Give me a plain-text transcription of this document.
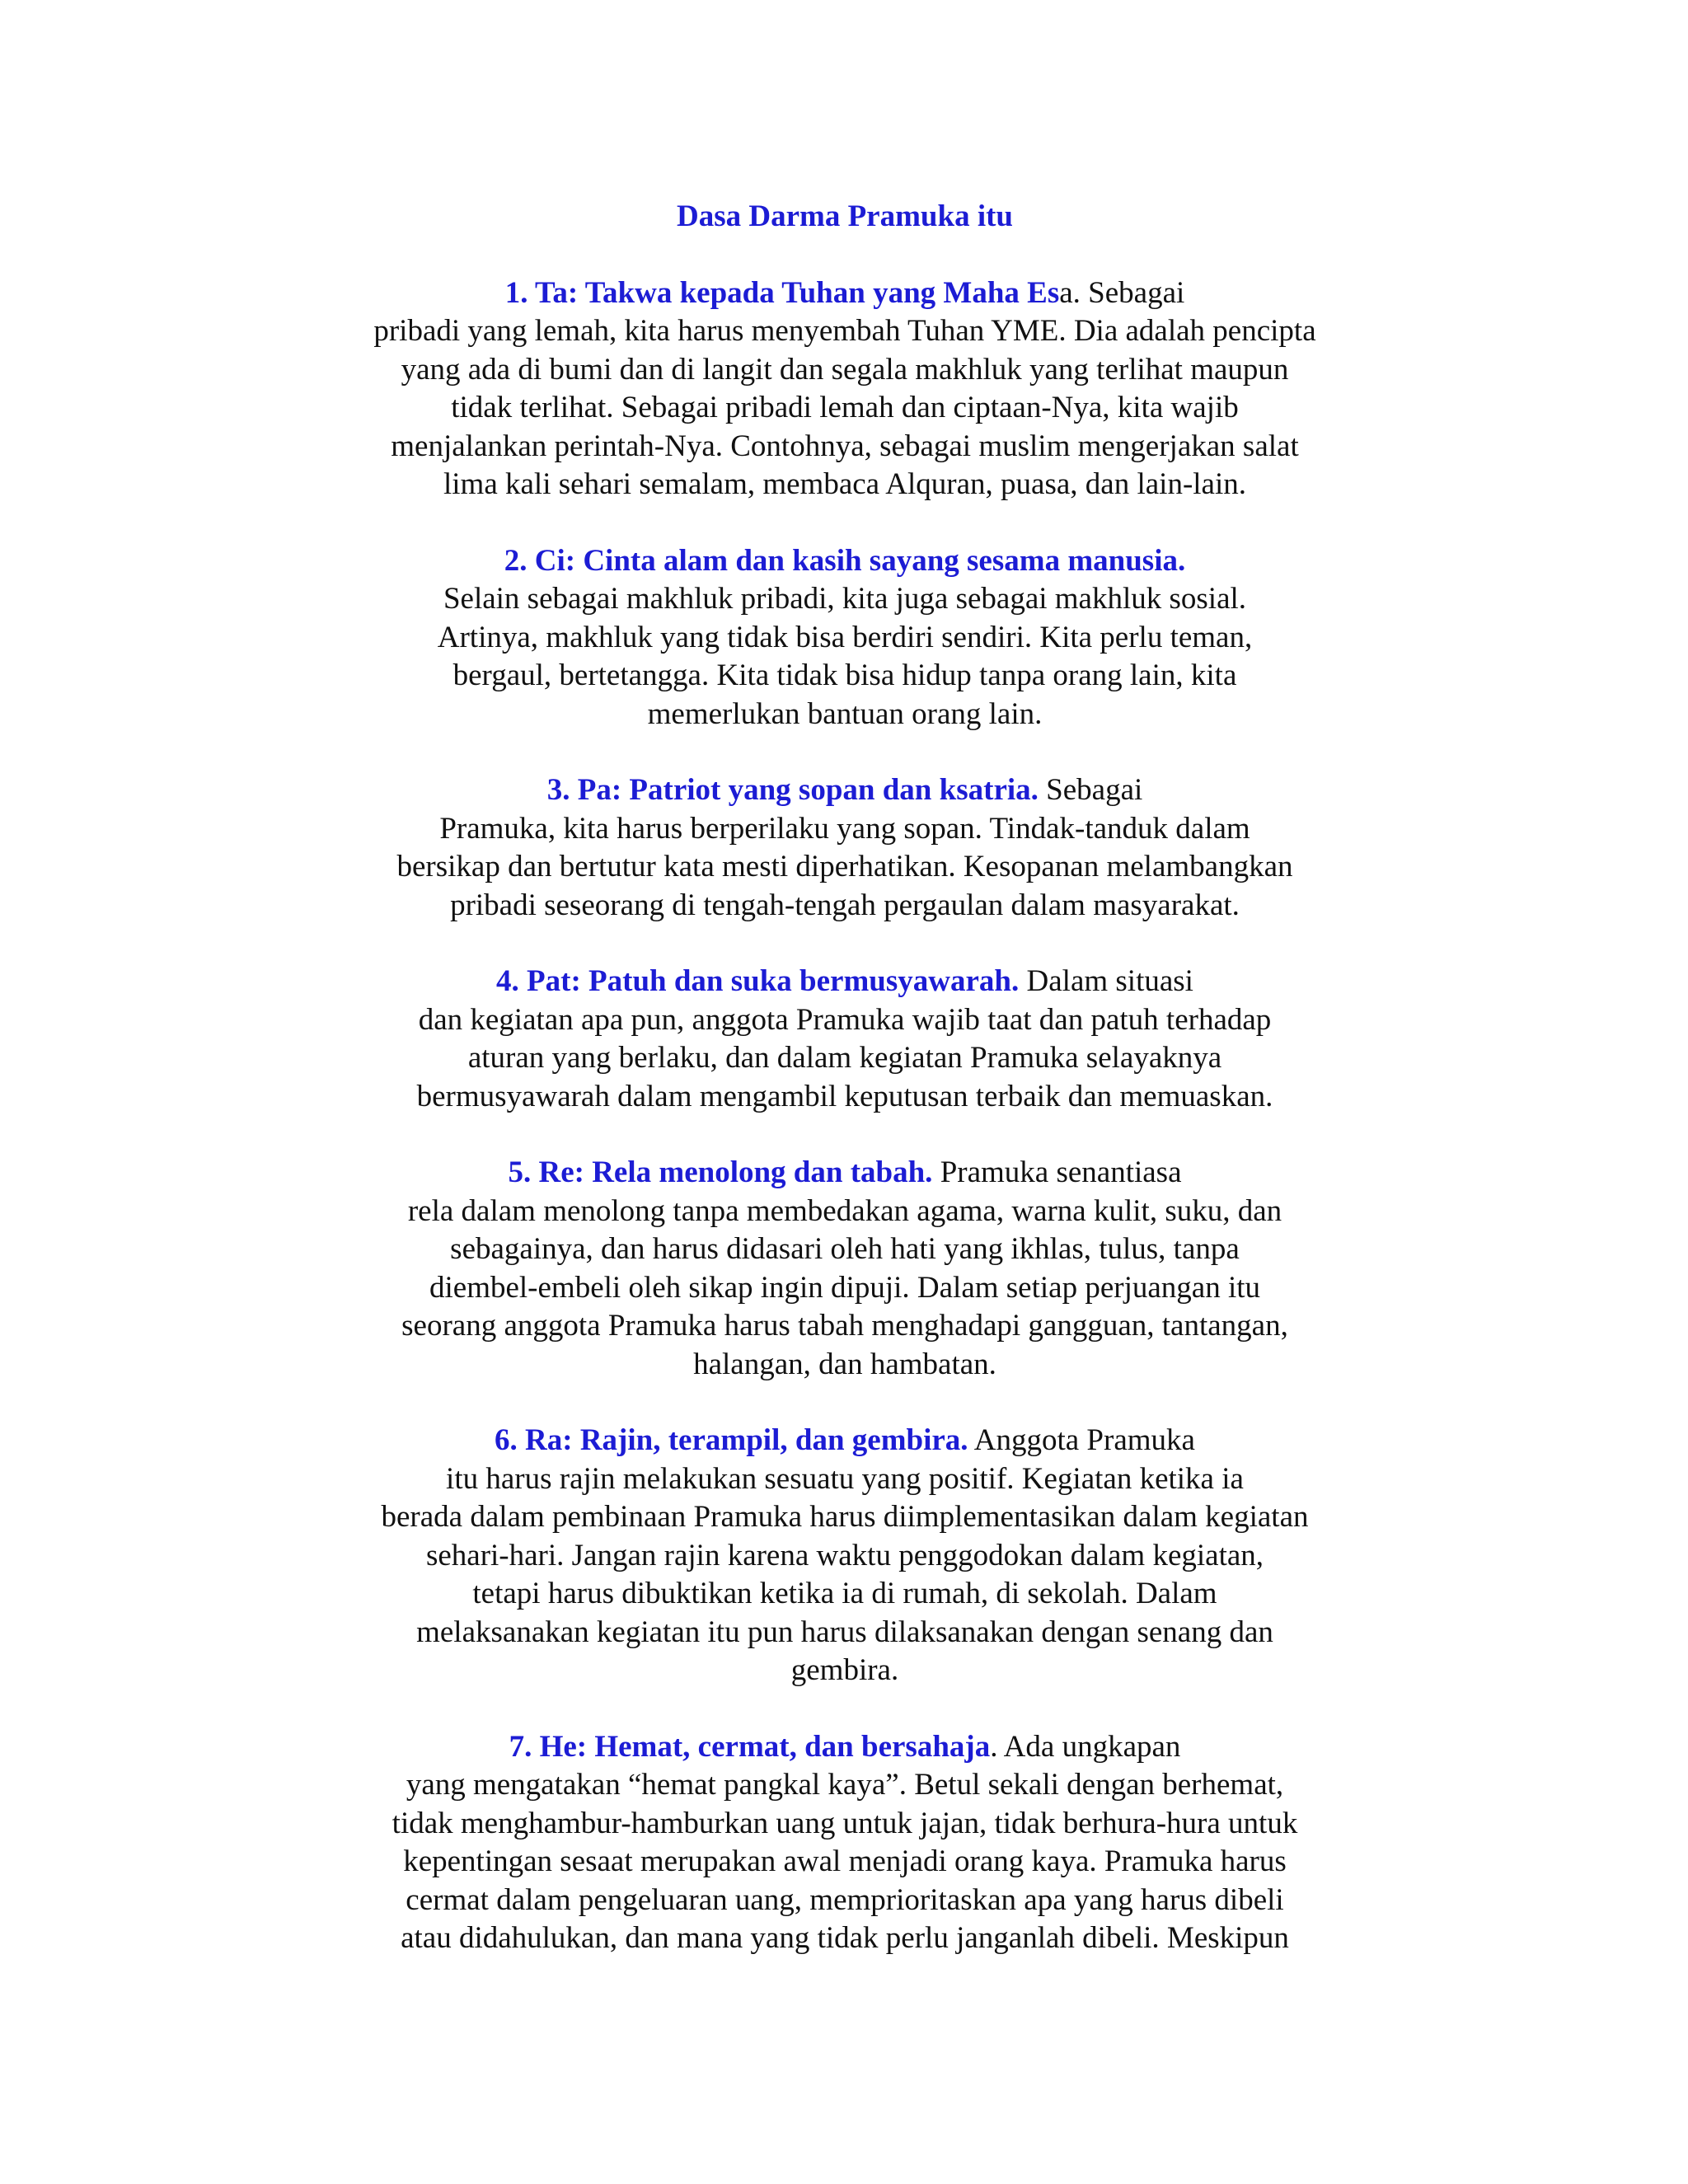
Dasa Darma Pramuka itu
1. Ta: Takwa kepada Tuhan yang Maha Esa. Sebagai
pribadi yang lemah, kita harus menyembah Tuhan YME. Dia adalah pencipta
yang ada di bumi dan di langit dan segala makhluk yang terlihat maupun
tidak terlihat. Sebagai pribadi lemah dan ciptaan-Nya, kita wajib
menjalankan perintah-Nya. Contohnya, sebagai muslim mengerjakan salat
lima kali sehari semalam, membaca Alquran, puasa, dan lain-lain.
2. Ci: Cinta alam dan kasih sayang sesama manusia.
Selain sebagai makhluk pribadi, kita juga sebagai makhluk sosial.
Artinya, makhluk yang tidak bisa berdiri sendiri. Kita perlu teman,
bergaul, bertetangga. Kita tidak bisa hidup tanpa orang lain, kita
memerlukan bantuan orang lain.
3. Pa: Patriot yang sopan dan ksatria. Sebagai
Pramuka, kita harus berperilaku yang sopan. Tindak-tanduk dalam
bersikap dan bertutur kata mesti diperhatikan. Kesopanan melambangkan
pribadi seseorang di tengah-tengah pergaulan dalam masyarakat.
4. Pat: Patuh dan suka bermusyawarah. Dalam situasi
dan kegiatan apa pun, anggota Pramuka wajib taat dan patuh terhadap
aturan yang berlaku, dan dalam kegiatan Pramuka selayaknya
bermusyawarah dalam mengambil keputusan terbaik dan memuaskan.
5. Re: Rela menolong dan tabah. Pramuka senantiasa
rela dalam menolong tanpa membedakan agama, warna kulit, suku, dan
sebagainya, dan harus didasari oleh hati yang ikhlas, tulus, tanpa
diembel-embeli oleh sikap ingin dipuji. Dalam setiap perjuangan itu
seorang anggota Pramuka harus tabah menghadapi gangguan, tantangan,
halangan, dan hambatan.
6. Ra: Rajin, terampil, dan gembira. Anggota Pramuka
itu harus rajin melakukan sesuatu yang positif. Kegiatan ketika ia
berada dalam pembinaan Pramuka harus diimplementasikan dalam kegiatan
sehari-hari. Jangan rajin karena waktu penggodokan dalam kegiatan,
tetapi harus dibuktikan ketika ia di rumah, di sekolah. Dalam
melaksanakan kegiatan itu pun harus dilaksanakan dengan senang dan
gembira.
7. He: Hemat, cermat, dan bersahaja. Ada ungkapan
yang mengatakan “hemat pangkal kaya”. Betul sekali dengan berhemat,
tidak menghambur-hamburkan uang untuk jajan, tidak berhura-hura untuk
kepentingan sesaat merupakan awal menjadi orang kaya. Pramuka harus
cermat dalam pengeluaran uang, memprioritaskan apa yang harus dibeli
atau didahulukan, dan mana yang tidak perlu janganlah dibeli. Meskipun
